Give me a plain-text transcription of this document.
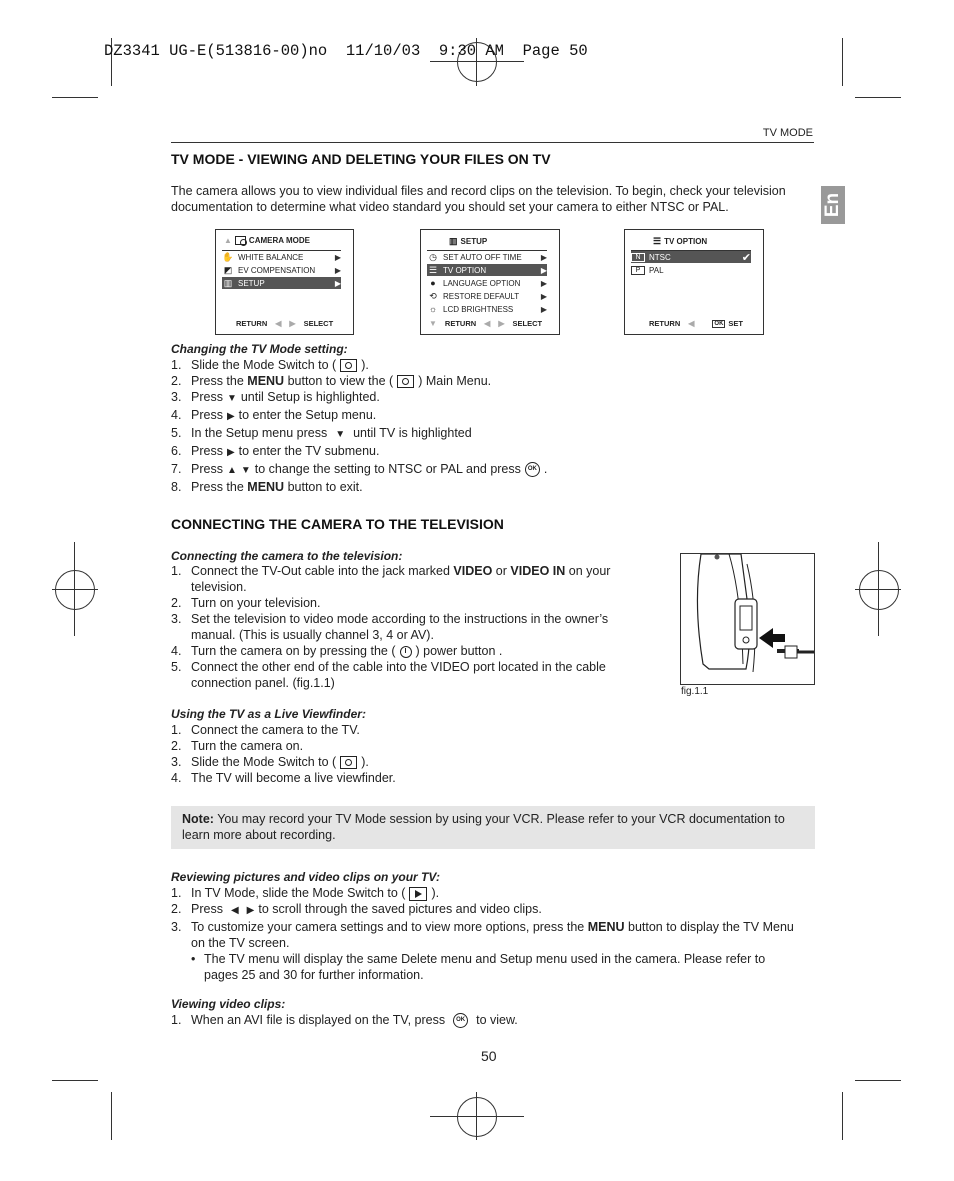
DZ3341 UG-E(513816-00)no  11/10/03  9:30 AM  Page 50
TV MODE
En
TV MODE - VIEWING AND DELETING YOUR FILES ON TV

The camera allows you to view individual files and record clips on the television. To begin, check your television documentation to determine what video standard you should set your camera to either NTSC or PAL.

▲ CAMERA MODE
✋ WHITE BALANCE	▶
◩ EV COMPENSATION	▶
▥ SETUP	▶
RETURN ◀ ▶ SELECT
▥ SETUP
◷ SET AUTO OFF TIME	▶
☰ TV OPTION	▶
● LANGUAGE OPTION	▶
⟲ RESTORE DEFAULT	▶
☼ LCD BRIGHTNESS	▶
▼ RETURN ◀ ▶ SELECT
☰ TV OPTION
N	NTSC	✔
P	PAL
RETURN ◀	OK SET
Changing the TV Mode setting:
1. Slide the Mode Switch to ( ).
2. Press the MENU button to view the ( ) Main Menu.
3. Press ▼ until Setup is highlighted.
4. Press ▶ to enter the Setup menu.
5. In the Setup menu press ▼ until TV is highlighted
6. Press ▶ to enter the TV submenu.
7. Press ▲ ▼ to change the setting to NTSC or PAL and press OK .
8. Press the MENU button to exit.
CONNECTING THE CAMERA TO THE TELEVISION
Connecting the camera to the television:
1. Connect the TV-Out cable into the jack marked VIDEO or VIDEO IN on your television.
2. Turn on your television.
3. Set the television to video mode according to the instructions in the owner’s manual. (This is usually channel 3, 4 or AV).
4. Turn the camera on by pressing the ( ) power button .
5. Connect the other end of the cable into the VIDEO port located in the cable connection panel. (fig.1.1)
fig.1.1
Using the TV as a Live Viewfinder:
1. Connect the camera to the TV.
2. Turn the camera on.
3. Slide the Mode Switch to ( ).
4. The TV will become a live viewfinder.
Note: You may record your TV Mode session by using your VCR. Please refer to your VCR documentation to learn more about recording.
Reviewing pictures and video clips on your TV:
1. In TV Mode, slide the Mode Switch to ( ).
2. Press ◀ ▶ to scroll through the saved pictures and video clips.
3. To customize your camera settings and to view more options, press the MENU button to display the TV Menu on the TV screen.
• The TV menu will display the same Delete menu and Setup menu used in the camera. Please refer to pages 25 and 30 for further information.
Viewing video clips:
1. When an AVI file is displayed on the TV, press OK to view.
50
